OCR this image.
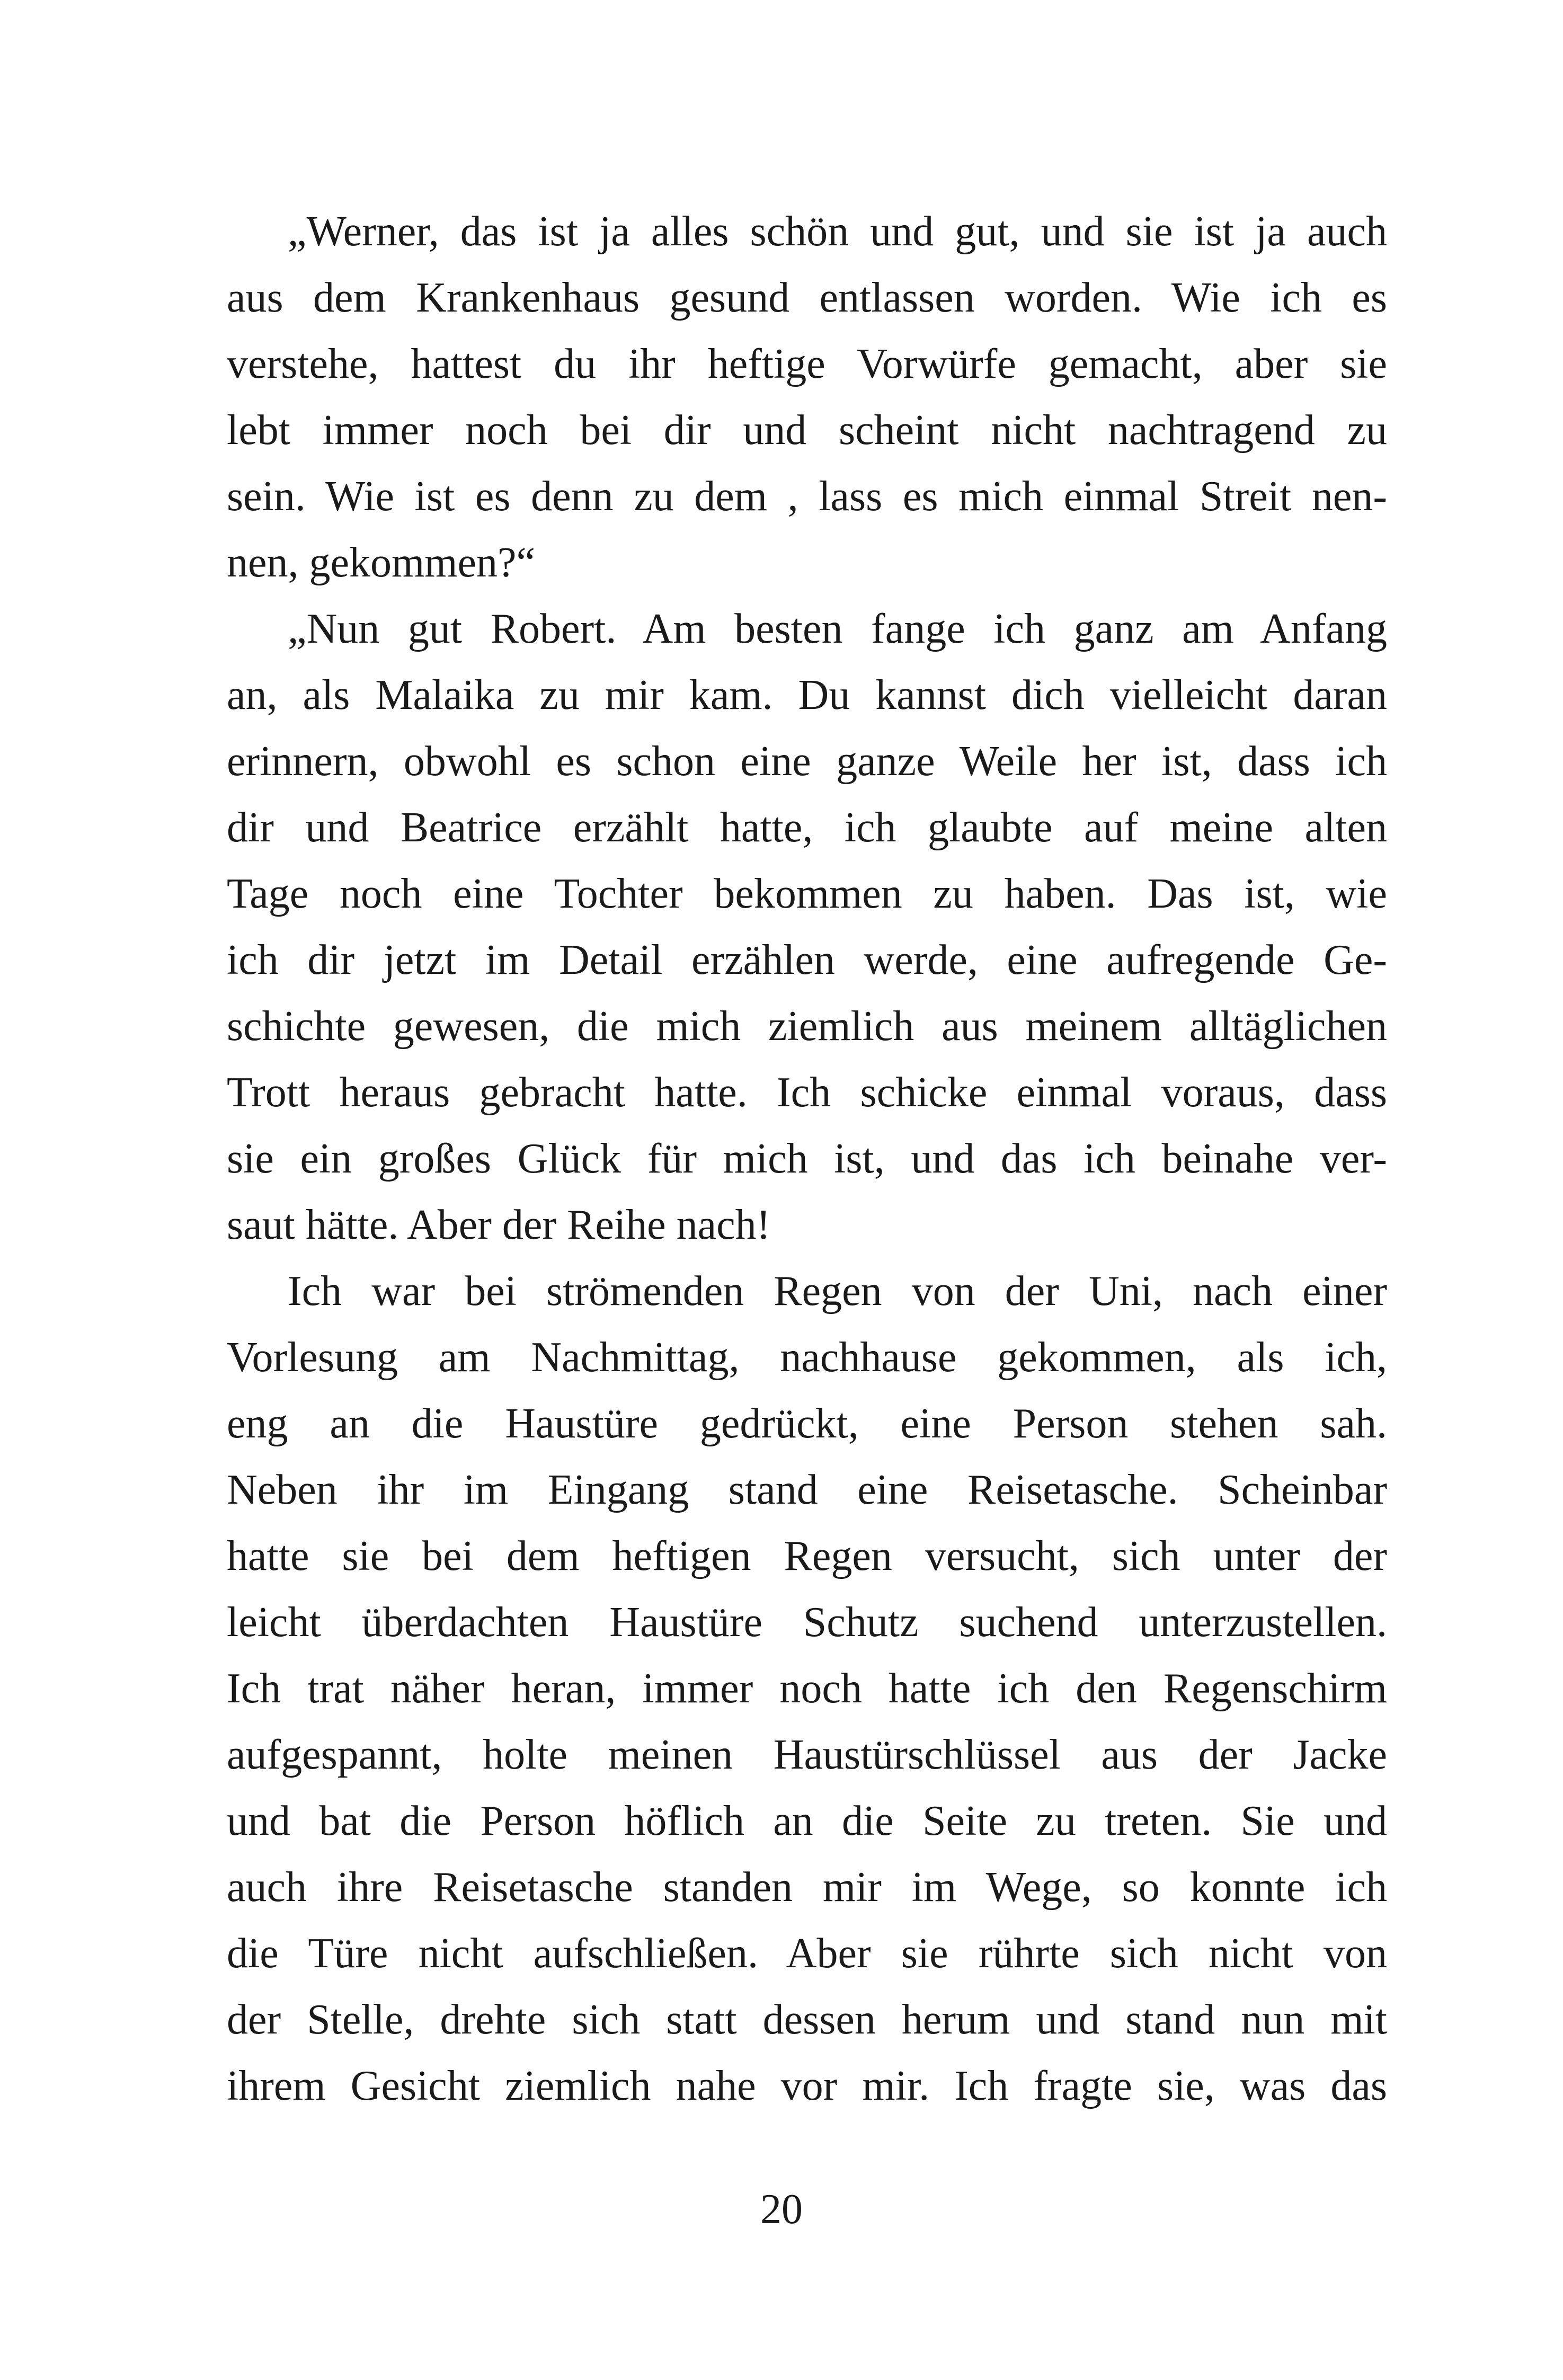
„Werner, das ist ja alles schön und gut, und sie ist ja auch
aus dem Krankenhaus gesund entlassen worden. Wie ich es
verstehe, hattest du ihr heftige Vorwürfe gemacht, aber sie
lebt immer noch bei dir und scheint nicht nachtragend zu
sein. Wie ist es denn zu dem , lass es mich einmal Streit nen-
nen, gekommen?“
„Nun gut Robert. Am besten fange ich ganz am Anfang
an, als Malaika zu mir kam. Du kannst dich vielleicht daran
erinnern, obwohl es schon eine ganze Weile her ist, dass ich
dir und Beatrice erzählt hatte, ich glaubte auf meine alten
Tage noch eine Tochter bekommen zu haben. Das ist, wie
ich dir jetzt im Detail erzählen werde, eine aufregende Ge-
schichte gewesen, die mich ziemlich aus meinem alltäglichen
Trott heraus gebracht hatte. Ich schicke einmal voraus, dass
sie ein großes Glück für mich ist, und das ich beinahe ver-
saut hätte. Aber der Reihe nach!
Ich war bei strömenden Regen von der Uni, nach einer
Vorlesung am Nachmittag, nachhause gekommen, als ich,
eng an die Haustüre gedrückt, eine Person stehen sah.
Neben ihr im Eingang stand eine Reisetasche. Scheinbar
hatte sie bei dem heftigen Regen versucht, sich unter der
leicht überdachten Haustüre Schutz suchend unterzustellen.
Ich trat näher heran, immer noch hatte ich den Regenschirm
aufgespannt, holte meinen Haustürschlüssel aus der Jacke
und bat die Person höflich an die Seite zu treten. Sie und
auch ihre Reisetasche standen mir im Wege, so konnte ich
die Türe nicht aufschließen. Aber sie rührte sich nicht von
der Stelle, drehte sich statt dessen herum und stand nun mit
ihrem Gesicht ziemlich nahe vor mir. Ich fragte sie, was das
20
